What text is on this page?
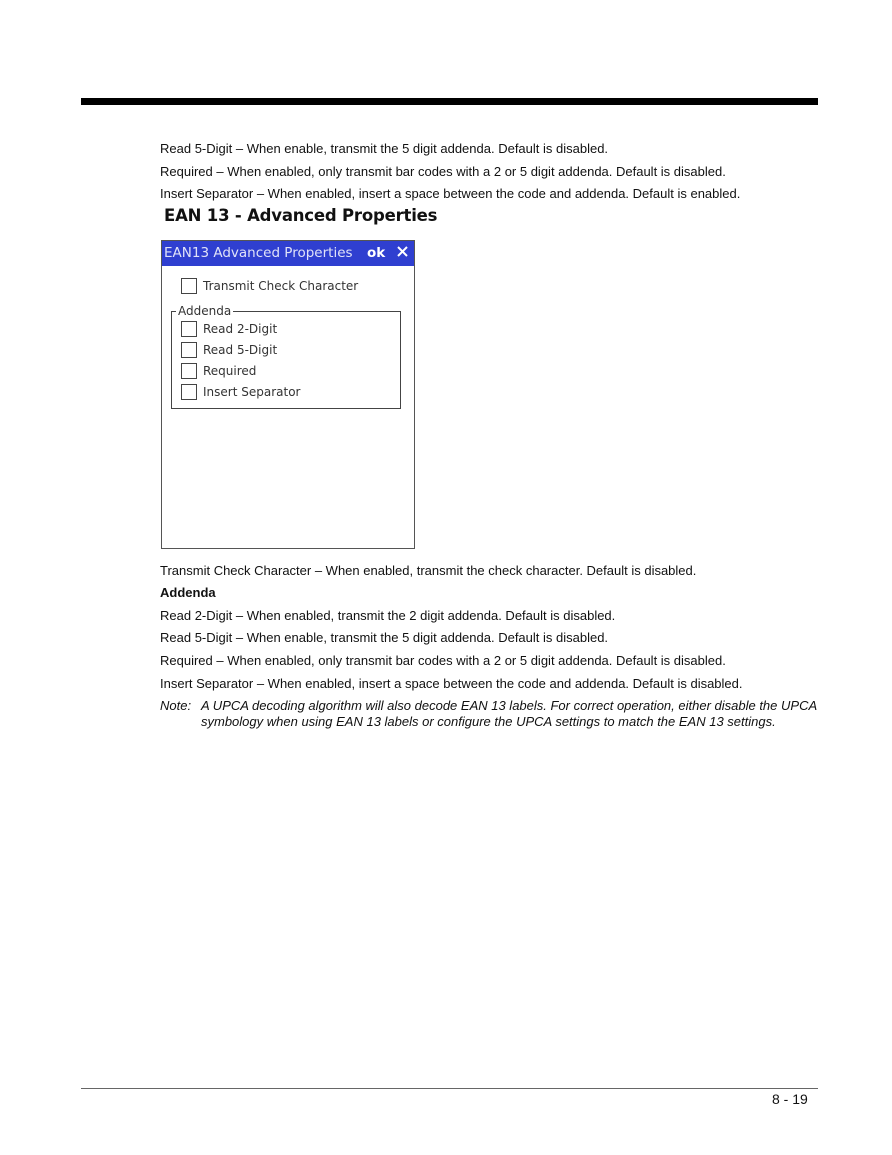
Read 5-Digit – When enable, transmit the 5 digit addenda. Default is disabled.
Required – When enabled, only transmit bar codes with a 2 or 5 digit addenda. Default is disabled.
Insert Separator – When enabled, insert a space between the code and addenda. Default is enabled.
EAN 13 - Advanced Properties
EAN13 Advanced Properties ok
Transmit Check Character
Addenda
Read 2-Digit
Read 5-Digit
Required
Insert Separator
Transmit Check Character – When enabled, transmit the check character. Default is disabled.
Addenda
Read 2-Digit – When enabled, transmit the 2 digit addenda. Default is disabled.
Read 5-Digit – When enable, transmit the 5 digit addenda. Default is disabled.
Required – When enabled, only transmit bar codes with a 2 or 5 digit addenda. Default is disabled.
Insert Separator – When enabled, insert a space between the code and addenda. Default is disabled.
Note: A UPCA decoding algorithm will also decode EAN 13 labels. For correct operation, either disable the UPCA symbology when using EAN 13 labels or configure the UPCA settings to match the EAN 13 settings.
8 - 19
